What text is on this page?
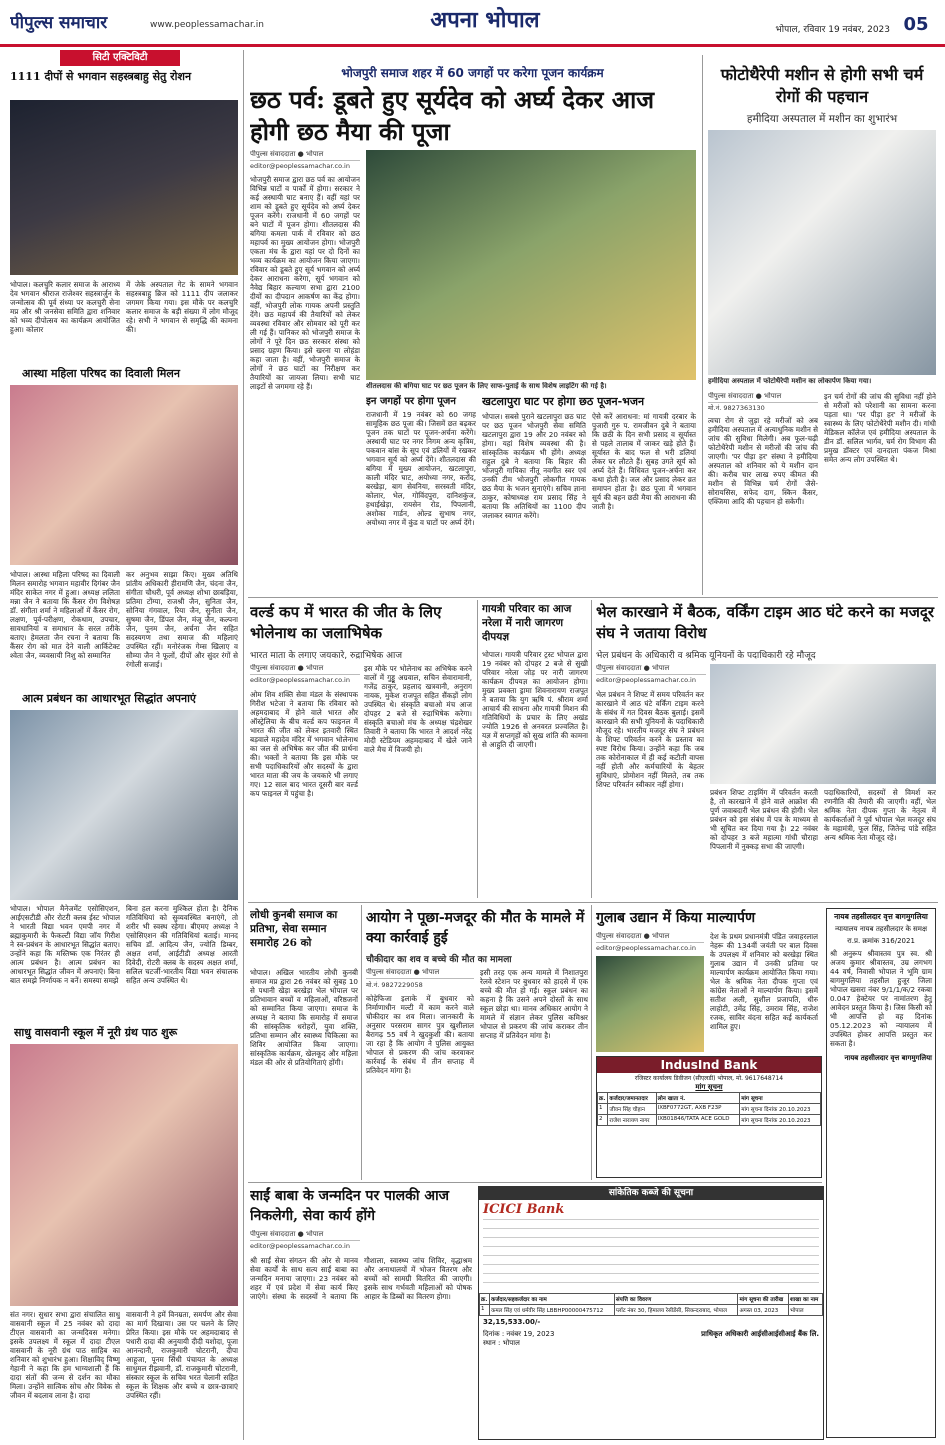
पीपुल्स समाचार	www.peoplessamachar.in	अपना भोपाल	भोपाल, रविवार 19 नवंबर, 2023 05
सिटी एक्टिविटी
1111 दीपों से भगवान सहस्त्रबाहु सेतु रोशन
भोपाल। कलचुरि कलार समाज के आराध्य देव भगवान श्रीराज राजेश्वर सहस्त्रार्जुन के जन्मोत्सव की पूर्व संध्या पर कलचुरी सेना मप्र और श्री जनसेवा समिति द्वारा शनिवार को भव्य दीपोत्सव का कार्यक्रम आयोजित हुआ। कोलार
में जेके अस्पताल गेट के सामने भगवान सहस्त्रबाहु ब्रिज को 1111 दीप जलाकर जगमग किया गया। इस मौके पर कलचुरि कलार समाज के बड़ी संख्या में लोग मौजूद रहे। सभी ने भगवान से समृद्धि की कामना की।
आस्था महिला परिषद का दिवाली मिलन
भोपाल। आस्था महिला परिषद का दिवाली मिलन समारोह भगवान महावीर दिगंबर जैन मंदिर साकेत नगर में हुआ। अध्यक्ष ललिता मन्ना जैन ने बताया कि कैंसर रोग विशेषज्ञ डॉ. संगीता शर्मा ने महिलाओं में कैंसर रोग, लक्षण, पूर्व-परीक्षण, रोकथाम, उपचार, सावधानियां व समाधान के सरल तरीके बताए। हेमलता जैन रचना ने बताया कि कैंसर रोग को मात देने वाली आर्किटेक्ट श्वेता जैन, व्यवसायी निशु को सम्मानित
कर अनुभव साझा किए। मुख्य अतिथि प्रांतीय अधिकारी हीरामणि जैन, चंदना जैन, संगीता चौधरी, पूर्व अध्यक्ष शोभा छाबड़िया, प्रतिमा टोंग्या, राजश्री जैन, सुनिता जैन, सोनिया गंगवाल, रिया जैन, सुनीता जैन, सुषमा जैन, डिंपल जैन, मंजू जैन, कल्पना जैन, पूनम जैन, अर्चना जैन सहित सदस्यगण तथा समाज की महिलाएं उपस्थित रहीं। मनोरंजक गेम्स खिलाए व सौम्या जैन ने फूलों, दीपों और सुंदर रंगों से रंगोली सजाई।
आत्म प्रबंधन का आधारभूत सिद्धांत अपनाएं
भोपाल। भोपाल मैनेजमेंट एसोसिएशन, आईएसटीडी और रोटरी क्लब ईस्ट भोपाल ने भारती विद्या भवन एमपी नगर में ब्रह्माकुमारी के फैकल्टी विद्या जॉय गिरीश ने स्व-प्रबंधन के आधारभूत सिद्धांत बताए। उन्होंने कहा कि मस्तिष्क एक निरंतर ही आत्म प्रबंधन है। आत्म प्रबंधन का आधारभूत सिद्धांत जीवन में अपनाएं। बिना बात समझे निर्णायक न बनें। समस्या समझे
बिना हल करना मुश्किल होता है। दैनिक गतिविधियां को सुव्यवस्थित बनाएंगे, तो शरीर भी स्वस्थ रहेगा। बीएमए अध्यक्ष ने एसोसिएशन की गतिविधियां बताई। मानद सचिव डॉ. आदित्य जैन, ज्योति डिम्बर, अक्षत शर्मा, आईटीडी अध्यक्ष आरती दिवेदी, रोटरी क्लब के सदस्य अक्षत शर्मा, सलिल चटर्जी-भारतीय विद्या भवन संचालक सहित अन्य उपस्थित थे।
साधु वासवानी स्कूल में नूरी ग्रंथ पाठ शुरू
संत नगर। सुधार सभा द्वारा संचालित साधु वासवानी स्कूल में 25 नवंबर को दादा टीएल वासवानी का जन्मदिवस मनेगा। इसके उपलक्ष्य में स्कूल में दादा टीएल वासवानी के नूरी ग्रंथ पाठ साहिब का शनिवार को शुभारंभ हुआ। शिक्षाविद् विष्णु गेहानी ने कहा कि हम भाग्यशाली हैं कि दादा संतों की जन्म से दर्शन का मौका मिला। उन्होंने सात्विक सोच और विवेक से जीवन में बदलाव लाना है। दादा
वासवानी ने हमें विनम्रता, समर्पण और सेवा का मार्ग दिखाया। उस पर चलने के लिए प्रेरित किया। इस मौके पर अहमदाबाद से पधारी दादा की अनुयायी दीदी यशोदा, पूजा आनन्दानी, राजकुमारी चोटरानी, दीपा आहूजा, पूनम सिंधी पंचायत के अध्यक्ष साधुमल रीझवानी, डॉ. राजकुमारी चोटरानी, संस्कार स्कूल के सचिव भरत चेलानी सहित स्कूल के शिक्षक और बच्चे व छात्र-छात्राएं उपस्थित रहीं।
भोजपुरी समाज शहर में 60 जगहों पर करेगा पूजन कार्यक्रम
छठ पर्व: डूबते हुए सूर्यदेव को अर्घ्य देकर आज होगी छठ मैया की पूजा
पीपुल्स संवाददाता ● भोपाल
editor@peoplessamachar.co.in
भोजपुरी समाज द्वारा छठ पर्व का आयोजन विभिन्न घाटों व पार्कों में होगा। सरकार ने कई अस्थायी घाट बनाए हैं। वहीं यहां पर शाम को डूबते हुए सूर्यदेव को अर्घ्य देकर पूजन करेंगे। राजधानी में 60 जगहों पर बने घाटों में पूजन होगा। शीतलदास की बगिया कमला पार्क में रविवार को छठ महापर्व का मुख्य आयोजन होगा। भोजपुरी एकता मंच के द्वारा यहां पर दो दिनों का भव्य कार्यक्रम का आयोजन किया जाएगा। रविवार को डूबते हुए सूर्य भगवान को अर्घ्य देकर आराधना करेगा, सूर्य भगवान को नैवेद्य बिहार कल्याण सभा द्वारा 2100 दीयों का दीपदान आकर्षण का केंद्र होगा। वहीं, भोजपुरी लोक गायक अपनी प्रस्तुति देंगे। छठ महापर्व की तैयारियों को लेकर व्यवस्था रविवार और सोमवार को पूरी कर ली गई हैं। पानिकर को भोजपुरी समाज के लोगों ने पूरे दिन छठ सरकार संस्था को प्रसाद ग्रहण किया। इसे खरना या लोहंडा कहा जाता है। वहीं, भोजपुरी समाज के लोगों ने छठ घाटों का निरीक्षण कर तैयारियों का जायजा लिया। सभी घाट लाइटों से जगमगा रहे हैं।	शीतलदास की बगिया घाट पर छठ पूजन के लिए साफ-पुताई के साथ विशेष लाइटिंग की गई है।
इन जगहों पर होगा पूजन
राजधानी में 19 नवंबर को 60 जगह सामूहिक छठ पूजा की। जिसमें छत बढ़कर पूजन तक घाटों पर पूजन-अर्चना करेंगे। अस्थायी घाट पर नगर निगम अन्य कृत्रिम, पकवान बांस के सूप एवं डलियों में रखकर भगवान सूर्य को अर्घ्य देंगे। शीतलदास की बगिया में मुख्य आयोजन, खटलापुरा, काली मंदिर घाट, अयोध्या नगर, करोंद, बरखेड़ा, बाग सेवनिया, सरस्वती मंदिर, कोलार, भेल, गोविंदपुरा, दानिशकुंज, हथाईखेड़ा, रायसेन रोड, पिपलानी, अशोका गार्डन, ओल्ड सुभाष नगर, अयोध्या नगर में कुंड व घाटों पर अर्घ्य देंगे।
खटलापुरा घाट पर होगा छठ पूजन-भजन
भोपाल। सबसे पुराने खटलापुरा छठ घाट पर छठ पूजन भोजपुरी सेवा समिति खटलापुरा द्वारा 19 और 20 नवंबर को होगा। यहां विशेष व्यवस्था की है। सांस्कृतिक कार्यक्रम भी होंगे। अध्यक्ष राहुल दुबे ने बताया कि बिहार की भोजपुरी गायिका नीतू नवगीत स्वर एवं उनकी टीम भोजपुरी लोकगीत गायक छठ मैया के भजन सुनाएंगे। सचिव ज्ञाना ठाकुर, कोषाध्यक्ष राम प्रसाद सिंह ने बताया कि अतिथियों का 1100 दीप जलाकर स्वागत करेंगे।
ऐसे करें आराधना: मां गायत्री दरबार के पुजारी गुरु प. रामजीवन दुबे ने बताया कि छठी के दिन सभी प्रसाद व सूर्यास्त से पहले तालाब में जाकर खड़े होते हैं। सूर्यास्त के बाद फल से भरी डलियां लेकर घर लौटते हैं। सुबह उगते सूर्य को अर्घ्य देते हैं। विधिवत पूजन-अर्चना कर कथा होती है। जल और प्रसाद लेकर व्रत समापन होता है। छठ पूजा में भगवान सूर्य की बहन छठी मैया की आराधना की जाती है।
फोटोथैरेपी मशीन से होगी सभी चर्म रोगों की पहचान
हमीदिया अस्पताल में मशीन का शुभारंभ
हमीदिया अस्पताल में फोटोथैरेपी मशीन का लोकार्पण किया गया।
पीपुल्स संवाददाता ● भोपाल
मो.नं. 9827363130
त्वचा रोग से जुड़ा रहे मरीजों को अब हमीदिया अस्पताल में अत्याधुनिक मशीन से जांच की सुविधा मिलेगी। अब फूल-चढ़ी फोटोथैरेपी मशीन से मरीजों की जांच की जाएगी। 'पर पीड़ा हर' संस्था ने हमीदिया अस्पताल को शनिवार को ये मशीन दान की। करीब चार लाख रुपए कीमत की मशीन से विभिन्न चर्म रोगों जैसे- सोरायसिस, सफेद दाग, स्किन कैंसर, एक्जिमा आदि की पहचान हो सकेगी।
इन चर्म रोगों की जांच की सुविधा नहीं होने से मरीजों को परेशानी का सामना करना पड़ता था। 'पर पीड़ा हर' ने मरीजों के स्वास्थ्य के लिए फोटोथैरेपी मशीन दी। गांधी मेडिकल कॉलेज एवं हमीदिया अस्पताल के डीन डॉ. सलिल भार्गव, चर्म रोग विभाग की प्रमुख डॉक्टर एवं दानदाता पंकज मिश्रा समेत अन्य लोग उपस्थित थे।
वर्ल्ड कप में भारत की जीत के लिए भोलेनाथ का जलाभिषेक
भारत माता के लगाए जयकारे, रुद्राभिषेक आज
पीपुल्स संवाददाता ● भोपाल
editor@peoplessamachar.co.in
ओम शिव शक्ति सेवा मंडल के संस्थापक गिरीश भटेजा ने बताया कि रविवार को अहमदाबाद में होने वाले भारत और ऑस्ट्रेलिया के बीच वर्ल्ड कप फाइनल में भारत की जीत को लेकर इतवारी स्थित बड़वाले महादेव मंदिर में भगवान भोलेनाथ का जल से अभिषेक कर जीत की प्रार्थना की। भक्तों ने बताया कि इस मौके पर सभी पदाधिकारियों और सदस्यों के द्वारा भारत माता की जय के जयकारे भी लगाए गए। 12 साल बाद भारत दूसरी बार वर्ल्ड कप फाइनल में पहुंचा है।
इस मौके पर भोलेनाथ का अभिषेक करने वालों में गुड्डू अग्रवाल, सचिन सेवारामानी, गजेंद्र ठाकुर, प्रहलाद खत्रवानी, अनुराग नायक, मुकेश राजपूत सहित सैंकड़ों लोग उपस्थित थे। संस्कृति बचाओ मंच आज दोपहर 2 बजे से रुद्राभिषेक करेगा। संस्कृति बचाओ मंच के अध्यक्ष चंद्रशेखर तिवारी ने बताया कि भारत ने आदर्श नरेंद्र मोदी स्टेडियम अहमदाबाद में खेले जाने वाले मैच में विजयी हो।
गायत्री परिवार का आज नरेला में नारी जागरण दीपयज्ञ
भोपाल। गायत्री परिवार ट्रस्ट भोपाल द्वारा 19 नवंबर को दोपहर 2 बजे से सुखी परिवार नरेला जोड़ पर नारी जागरण कार्यक्रम दीपयज्ञ का आयोजन होगा। मुख्य प्रवक्ता ड्रामा शिवनारायण राजपूत ने बताया कि युग ऋषि पं. श्रीराम शर्मा आचार्य की साधना और गायत्री मिशन की गतिविधियों के प्रचार के लिए अखंड ज्योति 1926 से अनवरत प्रज्वलित है। यज्ञ में सप्तगृहों को सुख शांति की कामना से आहुति दी जाएगी।
भेल कारखाने में बैठक, वर्किंग टाइम आठ घंटे करने का मजदूर संघ ने जताया विरोध
भेल प्रबंधन के अधिकारी व श्रमिक यूनियनों के पदाधिकारी रहे मौजूद
पीपुल्स संवाददाता ● भोपाल
editor@peoplessamachar.co.in
भेल प्रबंधन ने शिफ्ट में समय परिवर्तन कर कारखाने में आठ घंटे वर्किंग टाइम करने के संबंध में गत दिवस बैठक बुलाई। इसमें कारखाने की सभी यूनियनों के पदाधिकारी मौजूद रहे। भारतीय मजदूर संघ ने प्रबंधन के शिफ्ट परिवर्तन करने के प्रस्ताव का स्पष्ट विरोध किया। उन्होंने कहा कि जब तक कोरोनाकाल में ही कई कटौती वापस नहीं होती और कर्मचारियों के बेहतर सुविधाएं, प्रोमोशन नहीं मिलते, तब तक शिफ्ट परिवर्तन स्वीकार नहीं होगा।
प्रबंधन शिफ्ट टाइमिंग में परिवर्तन करती है, तो कारखाने में होने वाले आक्रोश की पूर्ण जवाबदारी भेल प्रबंधन की होगी। भेल प्रबंधन को इस संबंध में पत्र के माध्यम से भी सूचित कर दिया गया है। 22 नवंबर को दोपहर 3 बजे महात्मा गांधी चौराहा पिपलानी में नुक्कड़ सभा की जाएगी।
पदाधिकारियों, सदस्यों से विमर्श कर रणनीति की तैयारी की जाएगी। वहीं, भेल श्रमिक नेता दीपक गुप्ता के नेतृत्व में कार्यकर्ताओं ने पूर्व भोपाल भेल मजदूर संघ के महामंत्री, फूल सिंह, जितेन्द्र पांडे सहित अन्य श्रमिक नेता मौजूद रहे।
लोधी कुनबी समाज का प्रतिभा, सेवा सम्मान समारोह 26 को
भोपाल। अखिल भारतीय लोधी कुनबी समाज मप्र द्वारा 26 नवंबर को सुबह 10 से पथानी खेड़ा बरखेड़ा भेल भोपाल पर प्रतिभावान बच्चों व महिलाओं, वरिष्ठजनों को सम्मानित किया जाएगा। समाज के अध्यक्ष ने बताया कि समारोह में समाज की सांस्कृतिक धरोहरों, युवा शक्ति, प्रतिभा सम्मान और स्वास्थ्य चिकित्सा का शिविर आयोजित किया जाएगा। सांस्कृतिक कार्यक्रम, खेलकूद और महिला मंडल की ओर से प्रतियोगिताएं होंगी।
आयोग ने पूछा-मजदूर की मौत के मामले में क्या कार्रवाई हुई
चौकीदार का शव व बच्चे की मौत का मामला
पीपुल्स संवाददाता ● भोपाल
मो.नं. 9827229058
कोहेफिजा इलाके में बुधवार को निर्माणाधीन मल्टी में काम करने वाले चौकीदार का शव मिला। जानकारी के अनुसार परसराम सागर पुत्र खुशीलाल बैरागढ़ 55 वर्ष ने खुदकुशी की। बताया जा रहा है कि आयोग ने पुलिस आयुक्त भोपाल से प्रकरण की जांच करवाकर कार्रवाई के संबंध में तीन सप्ताह में प्रतिवेदन मांगा है।
इसी तरह एक अन्य मामले में निशातपुरा रेलवे स्टेशन पर बुधवार को हादसे में एक बच्चे की मौत हो गई। स्कूल प्रबंधन का कहना है कि उसने अपने दोस्तों के साथ स्कूल छोड़ा था। मानव अधिकार आयोग ने मामले में संज्ञान लेकर पुलिस कमिश्नर भोपाल से प्रकरण की जांच कराकर तीन सप्ताह में प्रतिवेदन मांगा है।
गुलाब उद्यान में किया माल्यार्पण
पीपुल्स संवाददाता ● भोपाल
editor@peoplessamachar.co.in
देश के प्रथम प्रधानमंत्री पंडित जवाहरलाल नेहरू की 134वीं जयंती पर बाल दिवस के उपलक्ष्य में शनिवार को बरखेड़ा स्थित गुलाब उद्यान में उनकी प्रतिमा पर माल्यार्पण कार्यक्रम आयोजित किया गया। भेल के श्रमिक नेता दीपक गुप्ता एवं कांग्रेस नेताओं ने माल्यार्पण किया। इसमें सतीश अली, सुशील प्रजापति, धीरु लाहोटी, उमेंद्र सिंह, उमराव सिंह, राजेश रजक, साविर वंदना सहित कई कार्यकर्ता शामिल हुए।
IndusInd Bank
रजिस्टर कार्यालय डिवीजन (सीएलडी) भोपाल, मो. 9617648714
मांग सूचना
क्र.	कर्जदार/जमानतदार	लोन खाता नं.	मांग सूचना
1	जीवन सिंह चौहान	IXBF0772GT, AXB F23P	मांग सूचना दिनांक 20.10.2023
2	राजेश नारायण नागर	IXB01846/TATA ACE GOLD	मांग सूचना दिनांक 20.10.2023
नायब तहसीलदार वृत्त बागमुगलिया
न्यायालय नायब तहसीलदार के समक्ष
रा.प्र. क्रमांक 316/2021
श्री अनुरूप श्रीवास्तव पुत्र स्व. श्री अजय कुमार श्रीवास्तव, उम्र लगभग 44 वर्ष, निवासी भोपाल ने भूमि ग्राम बागमुगलिया तहसील हुजूर जिला भोपाल खसरा नंबर 9/1/1/क/2 रकबा 0.047 हेक्टेयर पर नामांतरण हेतु आवेदन प्रस्तुत किया है। जिस किसी को भी आपत्ति हो वह दिनांक 05.12.2023 को न्यायालय में उपस्थित होकर आपत्ति प्रस्तुत कर सकता है।
नायब तहसीलदार वृत्त बागमुगलिया
साईं बाबा के जन्मदिन पर पालकी आज निकलेगी, सेवा कार्य होंगे
पीपुल्स संवाददाता ● भोपाल
editor@peoplessamachar.co.in
श्री साईं सेवा संगठन की ओर से मानव सेवा कार्यों के साथ सत्य साईं बाबा का जन्मदिन मनाया जाएगा। 23 नवंबर को शहर में एवं प्रदेश में सेवा कार्य किए जाएंगे। संस्था के सदस्यों ने बताया कि गौशाला, स्वास्थ्य जांच शिविर, वृद्धाश्रम और अनाथालयों में भोजन वितरण और बच्चों को सामग्री वितरित की जाएगी। इसके साथ गर्भवती महिलाओं को पोषक आहार के डिब्बों का वितरण होगा।
सांकेतिक कब्जे की सूचना
ICICI Bank
क्र.	कर्जदार/सहकर्जदार का नाम	संपत्ति का विवरण	मांग सूचना की तारीख	शाखा का नाम
1	कमल सिंह एवं धर्मवीर सिंह LBBHP00000475712	प्लॉट नंबर 30, हिमालय रेसीडेंसी, सिकन्दराबाद, भोपाल	अगस्त 03, 2023	भोपाल
32,15,533.00/-
दिनांक : नवंबर 19, 2023
स्थान : भोपाल
प्राधिकृत अधिकारी आईसीआईसीआई बैंक लि.
